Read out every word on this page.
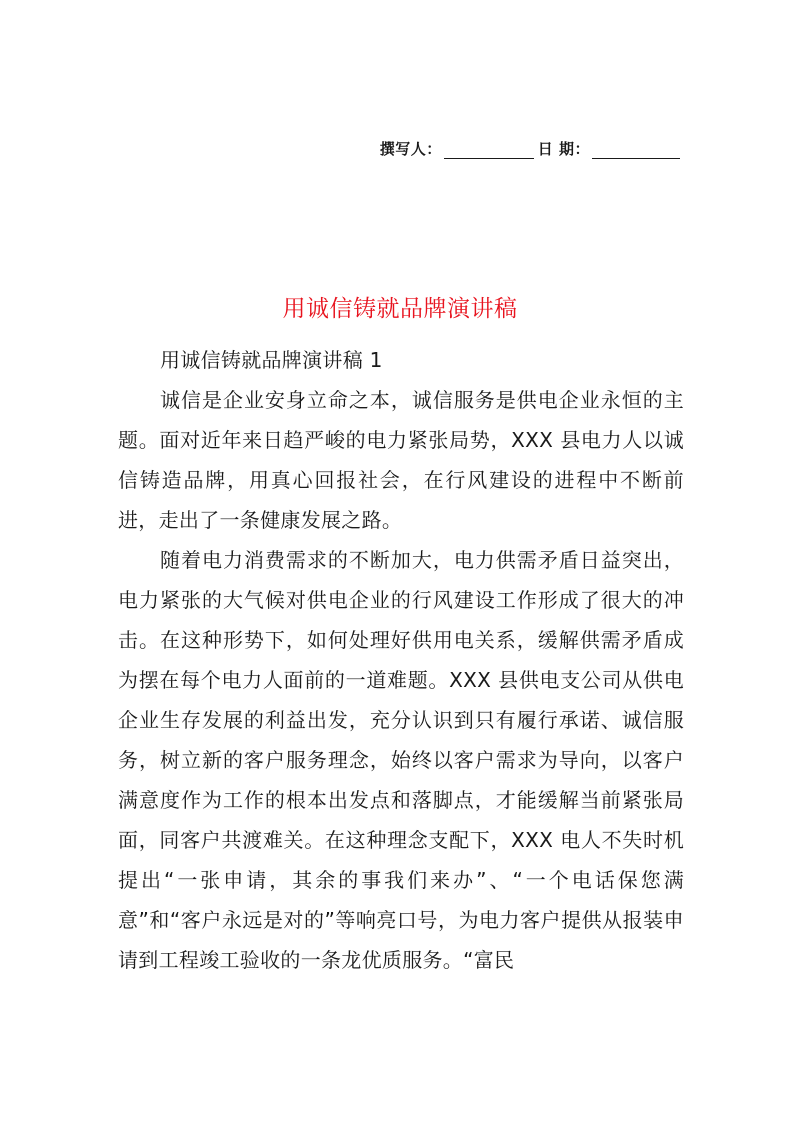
撰写人：	日 期：
用诚信铸就品牌演讲稿

用诚信铸就品牌演讲稿 1

诚信是企业安身立命之本，诚信服务是供电企业永恒的主题。面对近年来日趋严峻的电力紧张局势，XXX 县电力人以诚信铸造品牌，用真心回报社会，在行风建设的进程中不断前进，走出了一条健康发展之路。

随着电力消费需求的不断加大，电力供需矛盾日益突出，电力紧张的大气候对供电企业的行风建设工作形成了很大的冲击。在这种形势下，如何处理好供用电关系，缓解供需矛盾成为摆在每个电力人面前的一道难题。XXX 县供电支公司从供电企业生存发展的利益出发，充分认识到只有履行承诺、诚信服务，树立新的客户服务理念，始终以客户需求为导向，以客户满意度作为工作的根本出发点和落脚点，才能缓解当前紧张局面，同客户共渡难关。在这种理念支配下，XXX 电人不失时机提出“一张申请，其余的事我们来办”、“一个电话保您满意”和“客户永远是对的”等响亮口号，为电力客户提供从报装申请到工程竣工验收的一条龙优质服务。“富民
